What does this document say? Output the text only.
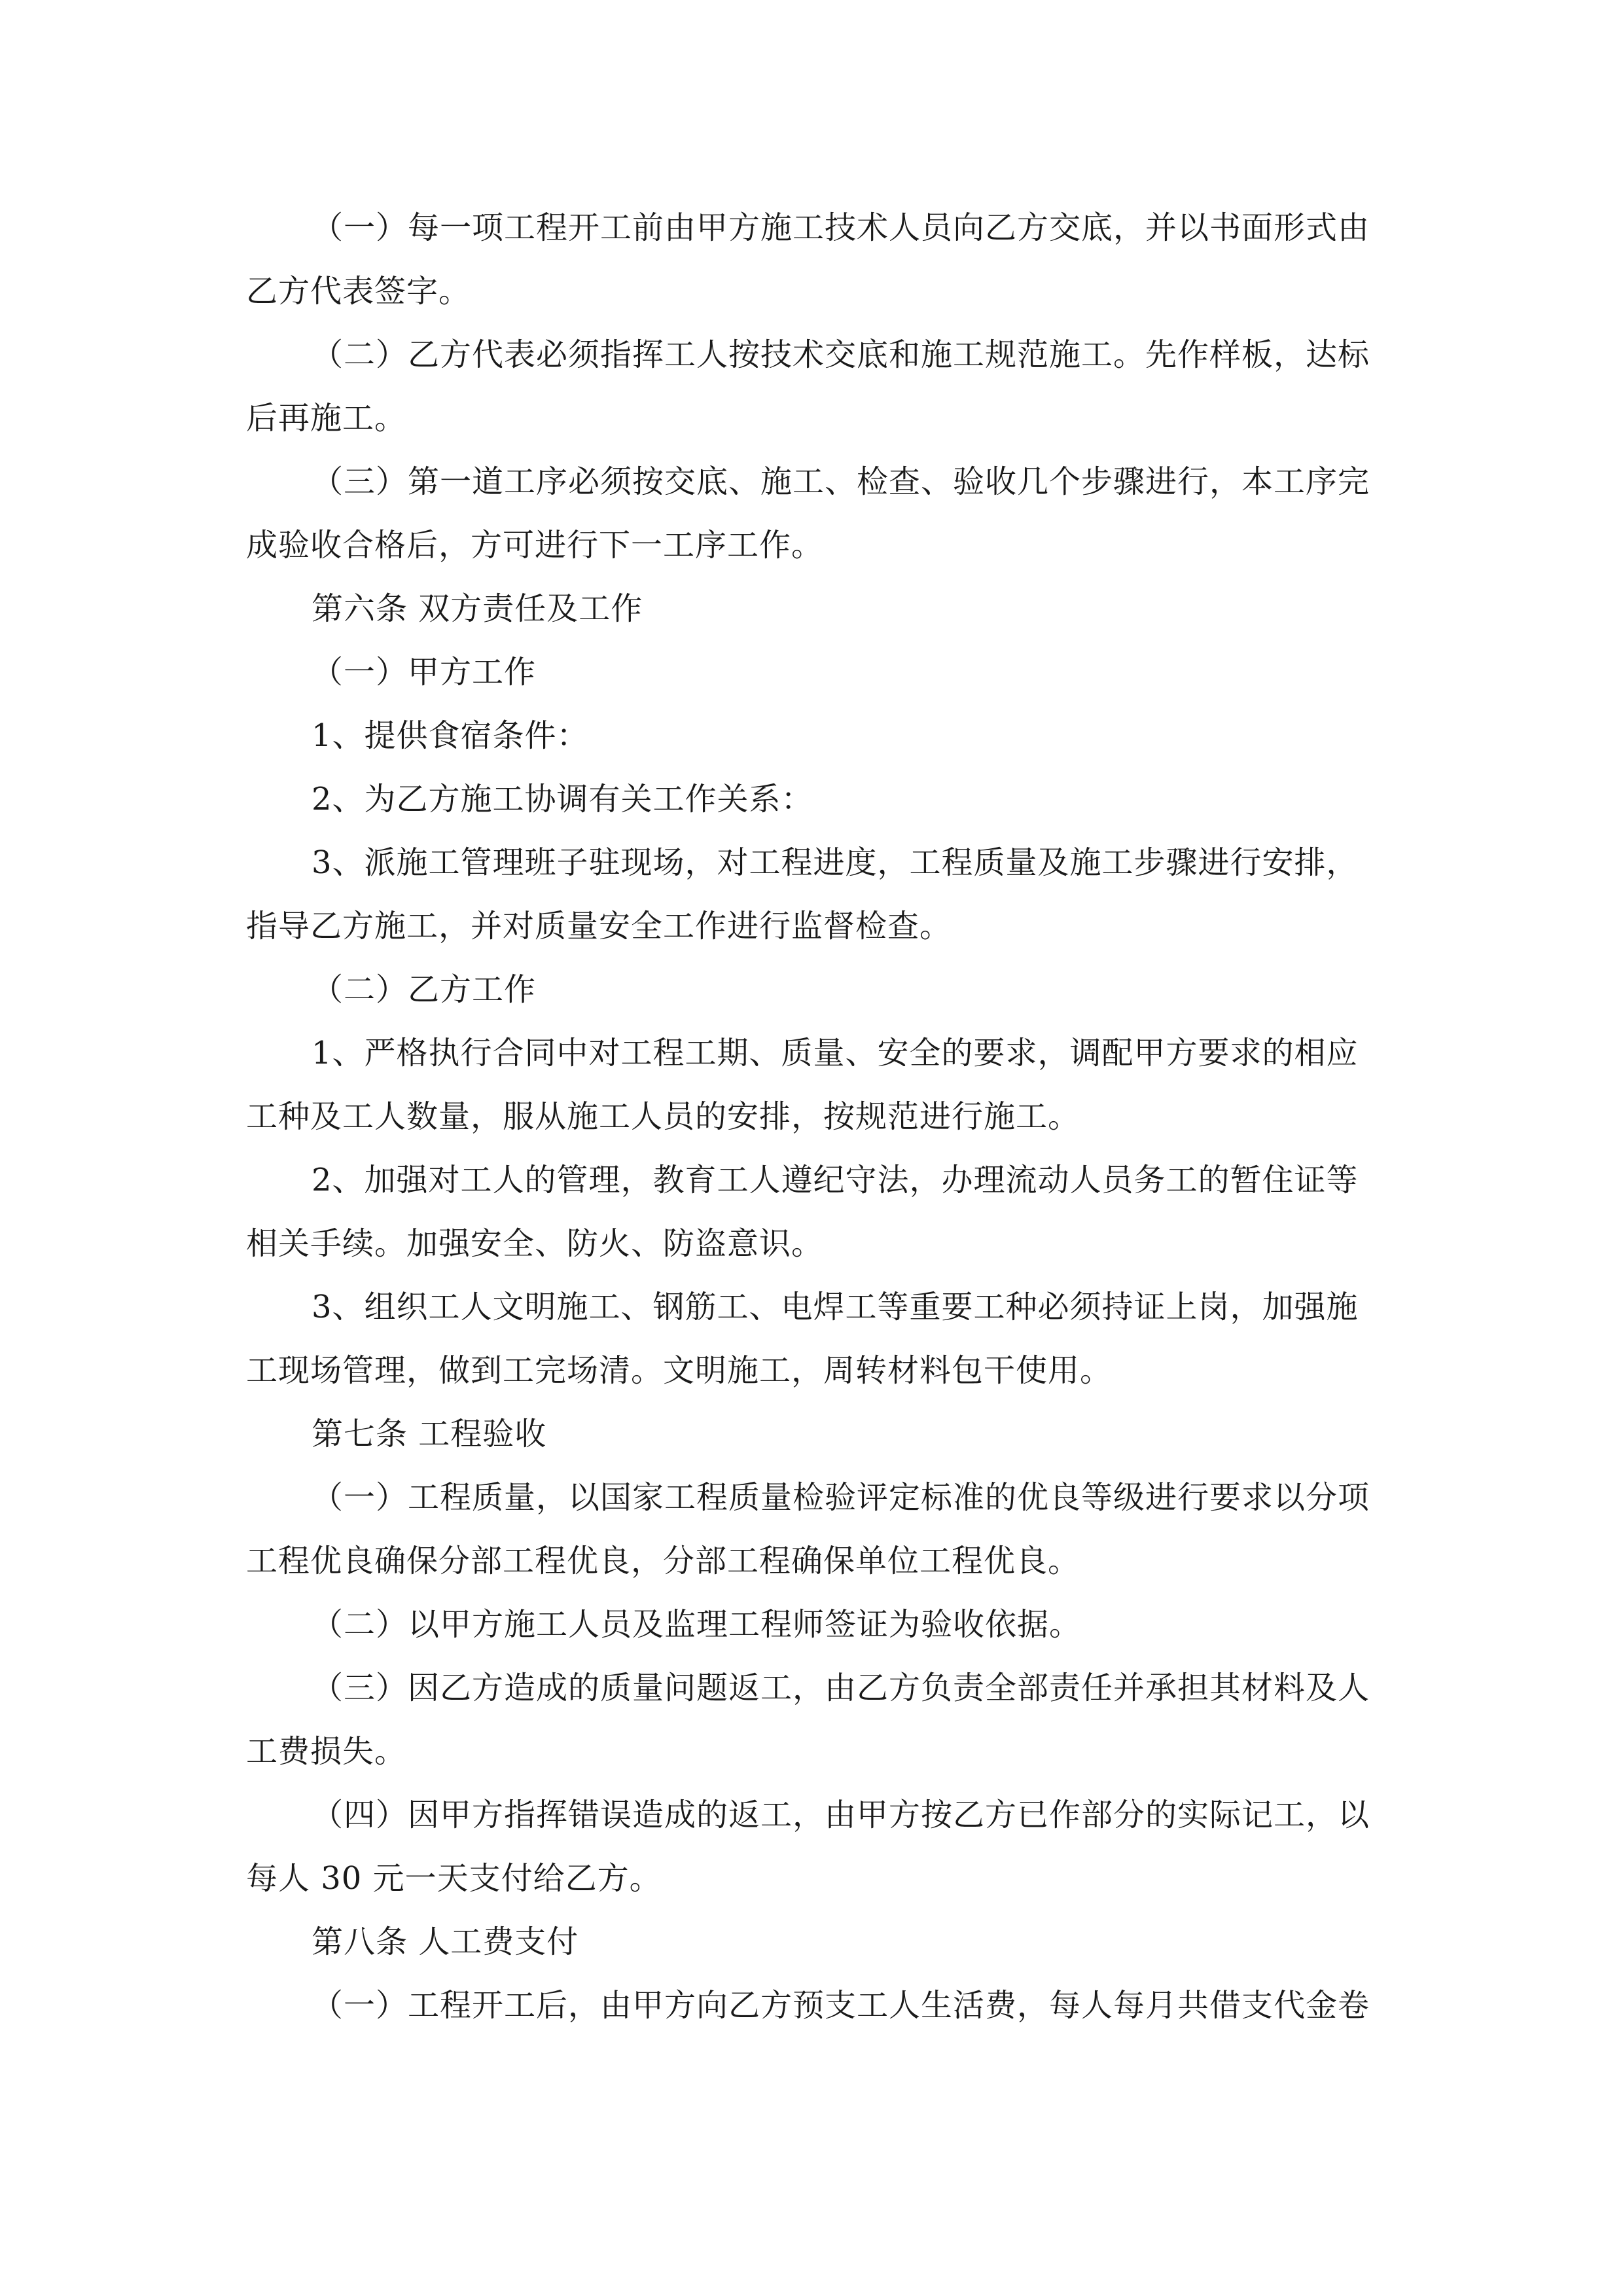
（一）每一项工程开工前由甲方施工技术人员向乙方交底，并以书面形式由
乙方代表签字。
（二）乙方代表必须指挥工人按技术交底和施工规范施工。先作样板，达标
后再施工。
（三）第一道工序必须按交底、施工、检查、验收几个步骤进行，本工序完
成验收合格后，方可进行下一工序工作。
第六条 双方责任及工作
（一）甲方工作
1、提供食宿条件：
2、为乙方施工协调有关工作关系：
3、派施工管理班子驻现场，对工程进度，工程质量及施工步骤进行安排，
指导乙方施工，并对质量安全工作进行监督检查。
（二）乙方工作
1、严格执行合同中对工程工期、质量、安全的要求，调配甲方要求的相应
工种及工人数量，服从施工人员的安排，按规范进行施工。
2、加强对工人的管理，教育工人遵纪守法，办理流动人员务工的暂住证等
相关手续。加强安全、防火、防盗意识。
3、组织工人文明施工、钢筋工、电焊工等重要工种必须持证上岗，加强施
工现场管理，做到工完场清。文明施工，周转材料包干使用。
第七条 工程验收
（一）工程质量，以国家工程质量检验评定标准的优良等级进行要求以分项
工程优良确保分部工程优良，分部工程确保单位工程优良。
（二）以甲方施工人员及监理工程师签证为验收依据。
（三）因乙方造成的质量问题返工，由乙方负责全部责任并承担其材料及人
工费损失。
（四）因甲方指挥错误造成的返工，由甲方按乙方已作部分的实际记工，以
每人 30 元一天支付给乙方。
第八条 人工费支付
（一）工程开工后，由甲方向乙方预支工人生活费，每人每月共借支代金卷
